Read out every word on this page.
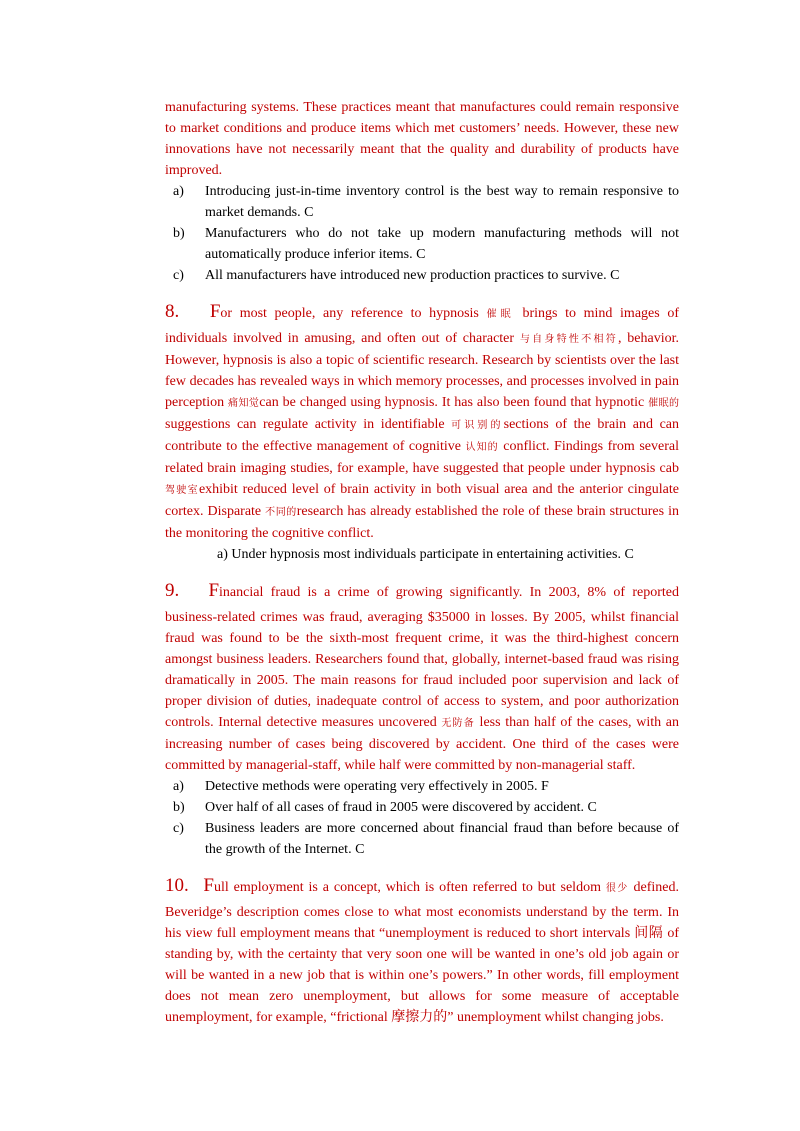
manufacturing systems. These practices meant that manufactures could remain responsive to market conditions and produce items which met customers’ needs. However, these new innovations have not necessarily meant that the quality and durability of products have improved.
a)	Introducing just-in-time inventory control is the best way to remain responsive to market demands. C
b)	Manufacturers who do not take up modern manufacturing methods will not automatically produce inferior items. C
c)	All manufacturers have introduced new production practices to survive. C
8. For most people, any reference to hypnosis 催眠 brings to mind images of
individuals involved in amusing, and often out of character 与自身特性不相符, behavior. However, hypnosis is also a topic of scientific research. Research by scientists over the last few decades has revealed ways in which memory processes, and processes involved in pain perception 痛知觉can be changed using hypnosis. It has also been found that hypnotic 催眠的suggestions can regulate activity in identifiable 可识别的sections of the brain and can contribute to the effective management of cognitive 认知的 conflict. Findings from several related brain imaging studies, for example, have suggested that people under hypnosis cab 驾驶室exhibit reduced level of brain activity in both visual area and the anterior cingulate cortex. Disparate 不同的research has already established the role of these brain structures in the monitoring the cognitive conflict.
a) Under hypnosis most individuals participate in entertaining activities. C
9. Financial fraud is a crime of growing significantly. In 2003, 8% of reported
business-related crimes was fraud, averaging $35000 in losses. By 2005, whilst financial fraud was found to be the sixth-most frequent crime, it was the third-highest concern amongst business leaders. Researchers found that, globally, internet-based fraud was rising dramatically in 2005. The main reasons for fraud included poor supervision and lack of proper division of duties, inadequate control of access to system, and poor authorization controls. Internal detective measures uncovered 无防备 less than half of the cases, with an increasing number of cases being discovered by accident. One third of the cases were committed by managerial-staff, while half were committed by non-managerial staff.
a)	Detective methods were operating very effectively in 2005. F
b)	Over half of all cases of fraud in 2005 were discovered by accident. C
c)	Business leaders are more concerned about financial fraud than before because of the growth of the Internet. C
10. Full employment is a concept, which is often referred to but seldom 很少 defined.
Beveridge’s description comes close to what most economists understand by the term. In his view full employment means that “unemployment is reduced to short intervals 间隔 of standing by, with the certainty that very soon one will be wanted in one’s old job again or will be wanted in a new job that is within one’s powers.” In other words, fill employment does not mean zero unemployment, but allows for some measure of acceptable unemployment, for example, “frictional 摩擦力的” unemployment whilst changing jobs.
